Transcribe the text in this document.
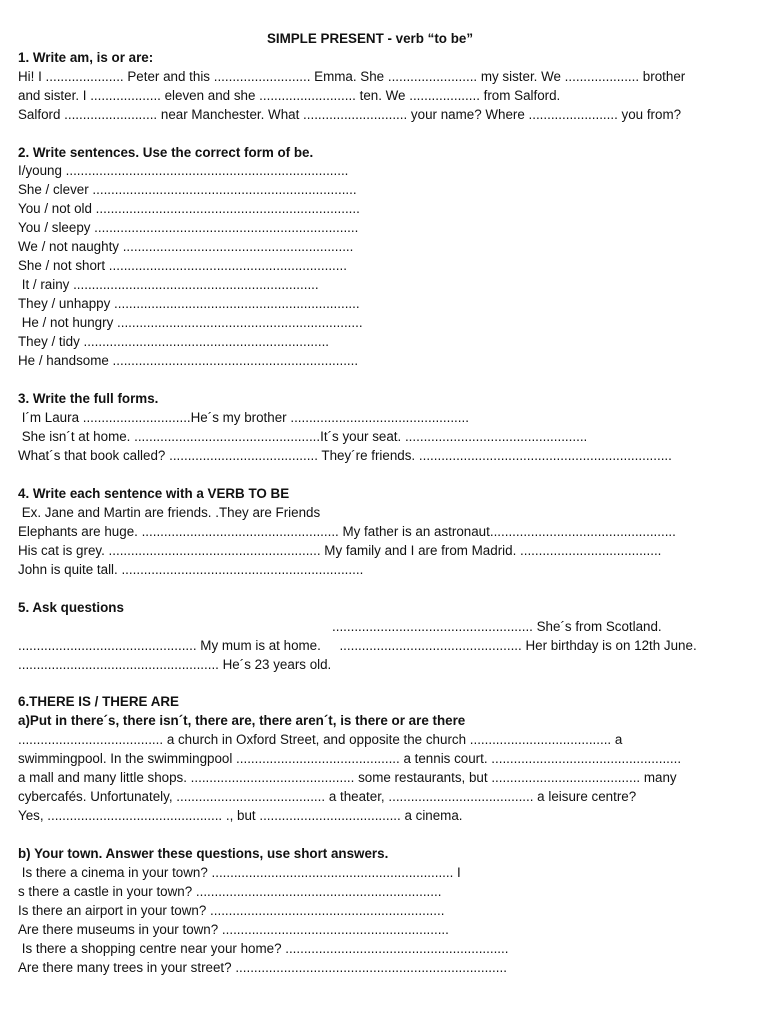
SIMPLE PRESENT - verb “to be”
1. Write am, is or are:
Hi! I ..................... Peter and this .......................... Emma. She ........................ my sister. We .................... brother
and sister. I ................... eleven and she .......................... ten. We ................... from Salford.
Salford ......................... near Manchester. What ............................ your name? Where ........................ you from?
2. Write sentences. Use the correct form of be.
I/young ............................................................................
She / clever .......................................................................
You / not old .......................................................................
You / sleepy .......................................................................
We / not naughty ..............................................................
She / not short ................................................................
It / rainy ..................................................................
They / unhappy ..................................................................
He / not hungry ..................................................................
They / tidy ..................................................................
He / handsome ..................................................................
3. Write the full forms.
I´m Laura .............................He´s my brother ................................................
She isn´t at home. ..................................................It´s your seat. .................................................
What´s that book called? ........................................ They´re friends. ....................................................................
4. Write each sentence with a VERB TO BE
Ex. Jane and Martin are friends. .They are Friends
Elephants are huge. ..................................................... My father is an astronaut..................................................
His cat is grey. ......................................................... My family and I are from Madrid. ......................................
John is quite tall. .................................................................
5. Ask questions

...................................................... She´s from Scotland.

................................................ My mum is at home.     ................................................. Her birthday is on 12th June.
...................................................... He´s 23 years old.
6.THERE IS / THERE ARE
a)Put in there´s, there isn´t, there are, there aren´t, is there or are there
....................................... a church in Oxford Street, and opposite the church ...................................... a
swimmingpool. In the swimmingpool ............................................ a tennis court. ...................................................
a mall and many little shops. ............................................ some restaurants, but ........................................ many
cybercafés. Unfortunately, ........................................ a theater, ....................................... a leisure centre?
Yes, ............................................... ., but ...................................... a cinema.
b) Your town. Answer these questions, use short answers.
Is there a cinema in your town? ................................................................. I
s there a castle in your town? ..................................................................
Is there an airport in your town? ...............................................................
Are there museums in your town? .............................................................
Is there a shopping centre near your home? ............................................................
Are there many trees in your street? .........................................................................
